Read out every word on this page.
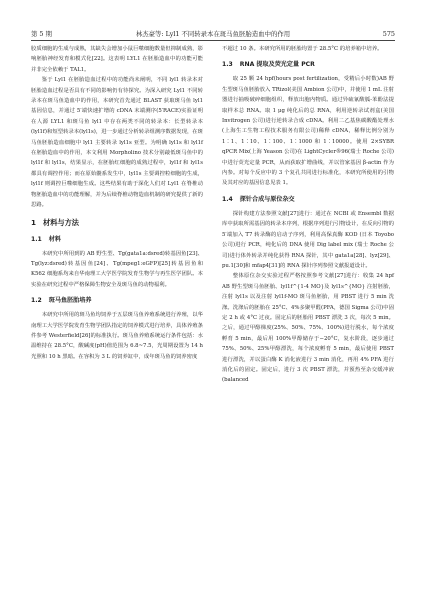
第 5 期	林杰豪等: Lyl1 不同转录本在斑马鱼胚胎造血中的作用	575

胶质细胞的生成与成熟，其缺失会增加小鼠巨噬细胞数量但抑制成熟，影响胚胎神经发育和模式化[22]。这表明 LYL1 在胚胎造血中的功能可能并非完全依赖于 TAL1。

鉴于 Lyl1 在胚胎造血过程中的功能尚未阐明，不同 lyl1 转录本对胚胎造血过程是否具有不同的影响仍有待探究。为深入研究 Lyl1 不同转录本在斑马鱼造血中的作用，本研究首先通过 BLAST 获取斑马鱼 lyl1 基因信息，并通过 5′端快速扩增的 cDNA 末端测序(5′RACE)实验证明在人源 LYL1 和斑马鱼 lyl1 中存在两类不同的转录本：长型转录本(lyl1f)和短型转录本(lyl1s)，进一步通过分析转录组测序数据发现，在斑马鱼胚胎造血细胞中 lyl1 主要转录 lyl1s 亚型。为明确 lyl1s 和 lyl1f 在胚胎造血中的作用，本文利用 Morpholino 技术分别敲低斑马鱼中的 lyl1f 和 lyl1s，结果显示，在胚胎红细胞的成熟过程中，lyl1f 和 lyl1s 都具有调控作用；而在原始髓系发生中，lyl1s 主要调控粒细胞的生成，lyl1f 则调控巨噬细胞生成。这些结果有助于深化人们对 Lyl1 在脊椎动物胚胎造血中的功能理解，并为后续脊椎动物造血机制的研究提供了新的思路。

1 材料与方法
1.1 材料

本研究中所用到的 AB 野生型、Tg(gata1a:dsred)转基因鱼[23]、Tg(lyz:dsred)转基因鱼[24]、Tg(mpeg1:eGFP)[25]转基因鱼和 K562 细胞系均来自华南理工大学医学院发育生物学与再生医学团队。本实验在研究过程中严格保障生物安全及斑马鱼的动物福利。

1.2 斑马鱼胚胎培养

本研究中所用的斑马鱼均饲养于五层斑马鱼养殖系统进行养殖，以华南理工大学医学院发育生物学团队指定的饲养模式进行培养，具体养殖条件参考 Westerfield[26]的标准执行。斑马鱼养殖系统运行条件包括：水温维持在 28.5°C，酸碱度(pH)值范围为 6.8~7.5，光周期设置为 14 h 光照和 10 h 黑暗。在容积为 3 L 的饲养缸中，成年斑马鱼的饲养密度

不超过 10 条。本研究所用的胚胎均置于 28.5°C 的培养箱中培养。

1.3 RNA 提取及荧光定量 PCR

取 25 颗 24 hpf(hours post fertilization，受精后小时数)AB 野生型斑马鱼胚胎放入 TRizol(美国 Ambion 公司)中，并使用 1 mL 注射器进行抽吸破碎细胞组织，释放出胞内物质。通过异硫氰酸胍-苯酚法提取样本总 RNA。取 1 μg 纯化后的总 RNA，利用逆转录试剂盒(美国 Invitrogen 公司)进行逆转录合成 cDNA。利用二乙基焦碳酸酯处理水(上海生工生物工程技术服务有限公司)稀释 cDNA，稀释比例分别为 1∶1、1∶10、1∶100、1∶1000 和 1∶10000。使用 2×SYBR qPCR Mix(上海 Yeason 公司)在 LightCycler®96(瑞士 Roche 公司)中进行荧光定量 PCR，从而获取扩增曲线，并以管家基因 β-actin 作为内参。对每个反应中的 3 个复孔共同进行标准化，本研究所使用的引物及其对应的基因信息见表 1。

1.4 探针合成与原位杂交

探针构建方法参照文献[27]进行：通过在 NCBI 或 Ensembl 数据库中获取所需基因的转录本序列，根据序列进行引物设计，在反向引物的 5′端加入 T7 转录酶的启动子序列，利用高保真酶 KOD (日本 Toyobo 公司)进行 PCR，纯化后的 DNA 使用 Dig label mix (瑞士 Roche 公司)进行体外转录并纯化获得 RNA 探针，其中 gata1a[28]、lyz[29]、pu.1[30]和 mfap4[31]的 RNA 探针序列参照文献报道设计。

整体原位杂交实验过程严格按照参考文献[27]进行：收集 24 hpf AB 野生型斑马鱼胚胎、lyl1f^{1-4 MO}及 lyl1s^{MO} 注射胚胎，注射 lyl1s 以及注射 lyl1f-MO 斑马鱼胚胎，用 PBST 进行 5 min 洗涤。洗涤后的胚胎在 25°C、4%多聚甲醛(PFA，德国 Sigma 公司)中固定 2 h 或 4°C 过夜。固定后的胚胎用 PBST 漂洗 3 次，每次 5 min。之后，通过甲醇梯度(25%、50%、75%、100%)进行脱水，每个浓度孵育 5 min，最后用 100%甲醇储存于−20°C，复水阶段，逐步通过 75%、50%、25%甲醇漂洗，每个浓度孵育 5 min，最后使用 PBST 进行漂洗，并以蛋白酶 K 消化液进行 3 min 消化，再用 4% PFA 进行消化后的固定。固定后，进行 3 次 PBST 漂洗，并预热至杂交缓冲液(balanced
